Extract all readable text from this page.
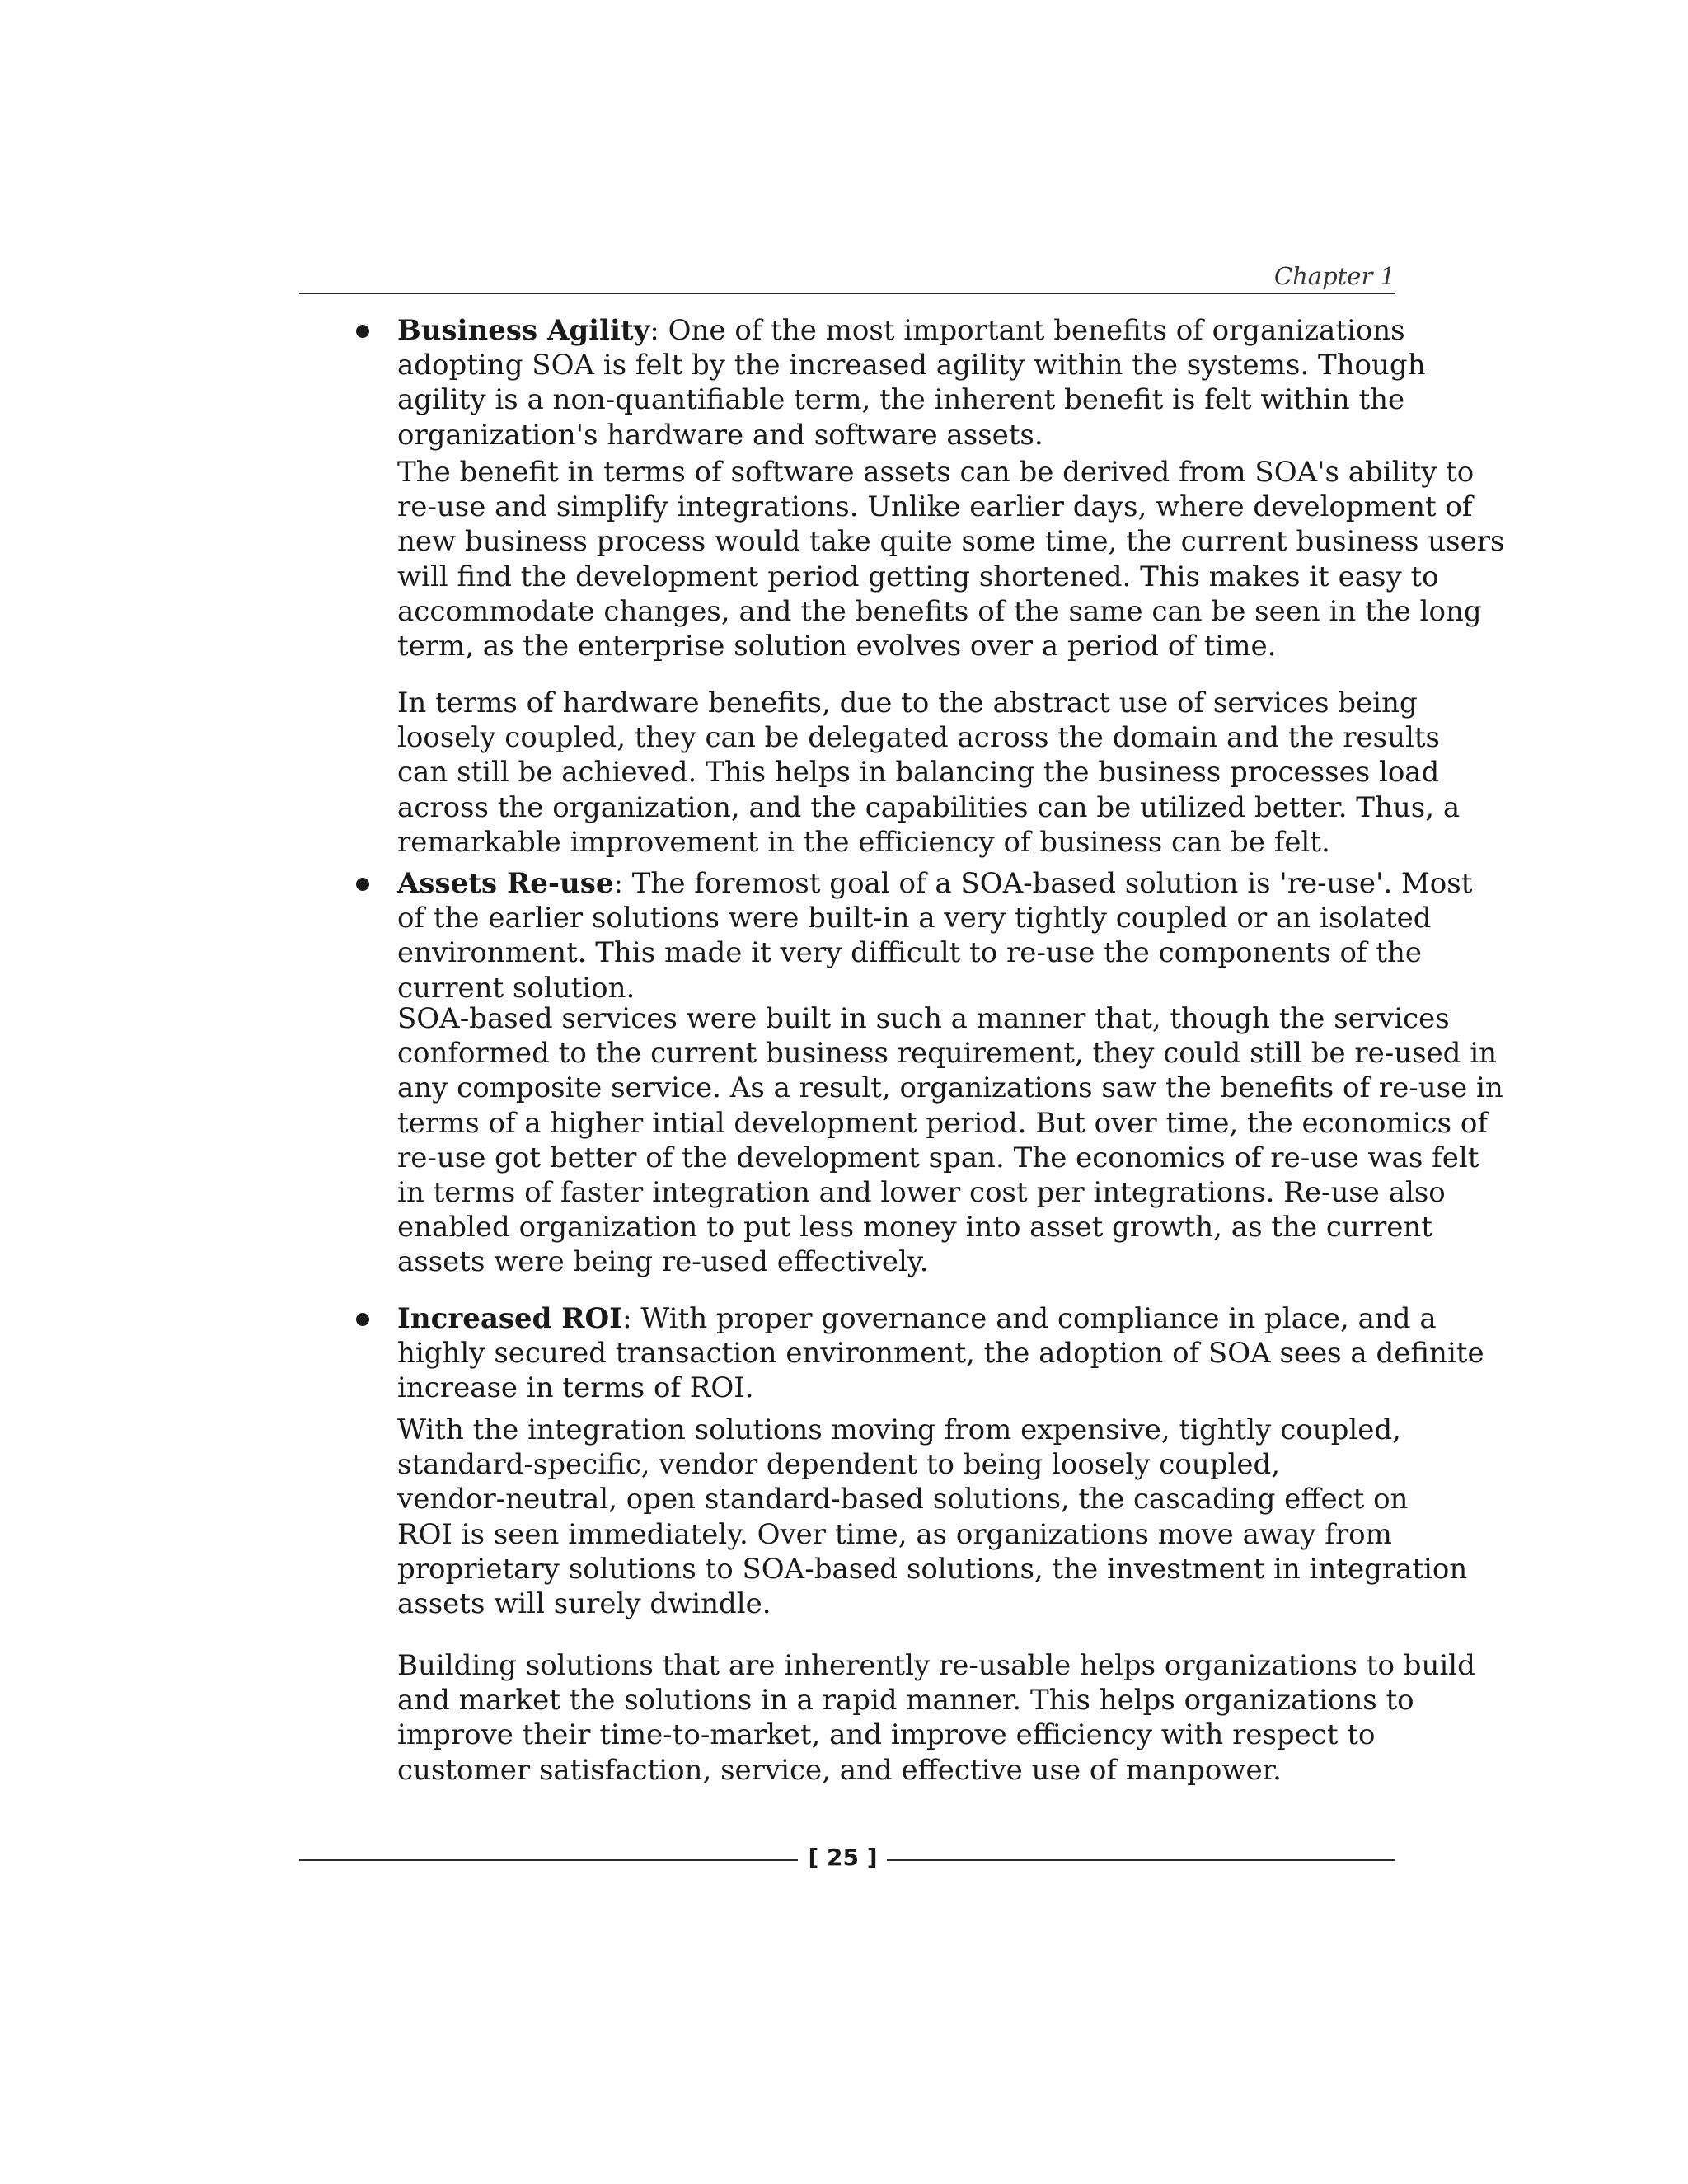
Chapter 1

Business Agility: One of the most important benefits of organizations
adopting SOA is felt by the increased agility within the systems. Though
agility is a non-quantifiable term, the inherent benefit is felt within the
organization's hardware and software assets.

The benefit in terms of software assets can be derived from SOA's ability to
re-use and simplify integrations. Unlike earlier days, where development of
new business process would take quite some time, the current business users
will find the development period getting shortened. This makes it easy to
accommodate changes, and the benefits of the same can be seen in the long
term, as the enterprise solution evolves over a period of time.

In terms of hardware benefits, due to the abstract use of services being
loosely coupled, they can be delegated across the domain and the results
can still be achieved. This helps in balancing the business processes load
across the organization, and the capabilities can be utilized better. Thus, a
remarkable improvement in the efficiency of business can be felt.

Assets Re-use: The foremost goal of a SOA-based solution is 're-use'. Most
of the earlier solutions were built-in a very tightly coupled or an isolated
environment. This made it very difficult to re-use the components of the
current solution.

SOA-based services were built in such a manner that, though the services
conformed to the current business requirement, they could still be re-used in
any composite service. As a result, organizations saw the benefits of re-use in
terms of a higher intial development period. But over time, the economics of
re-use got better of the development span. The economics of re-use was felt
in terms of faster integration and lower cost per integrations. Re-use also
enabled organization to put less money into asset growth, as the current
assets were being re-used effectively.

Increased ROI: With proper governance and compliance in place, and a
highly secured transaction environment, the adoption of SOA sees a definite
increase in terms of ROI.

With the integration solutions moving from expensive, tightly coupled,
standard-specific, vendor dependent to being loosely coupled,
vendor-neutral, open standard-based solutions, the cascading effect on
ROI is seen immediately. Over time, as organizations move away from
proprietary solutions to SOA-based solutions, the investment in integration
assets will surely dwindle.

Building solutions that are inherently re-usable helps organizations to build
and market the solutions in a rapid manner. This helps organizations to
improve their time-to-market, and improve efficiency with respect to
customer satisfaction, service, and effective use of manpower.

[ 25 ]
